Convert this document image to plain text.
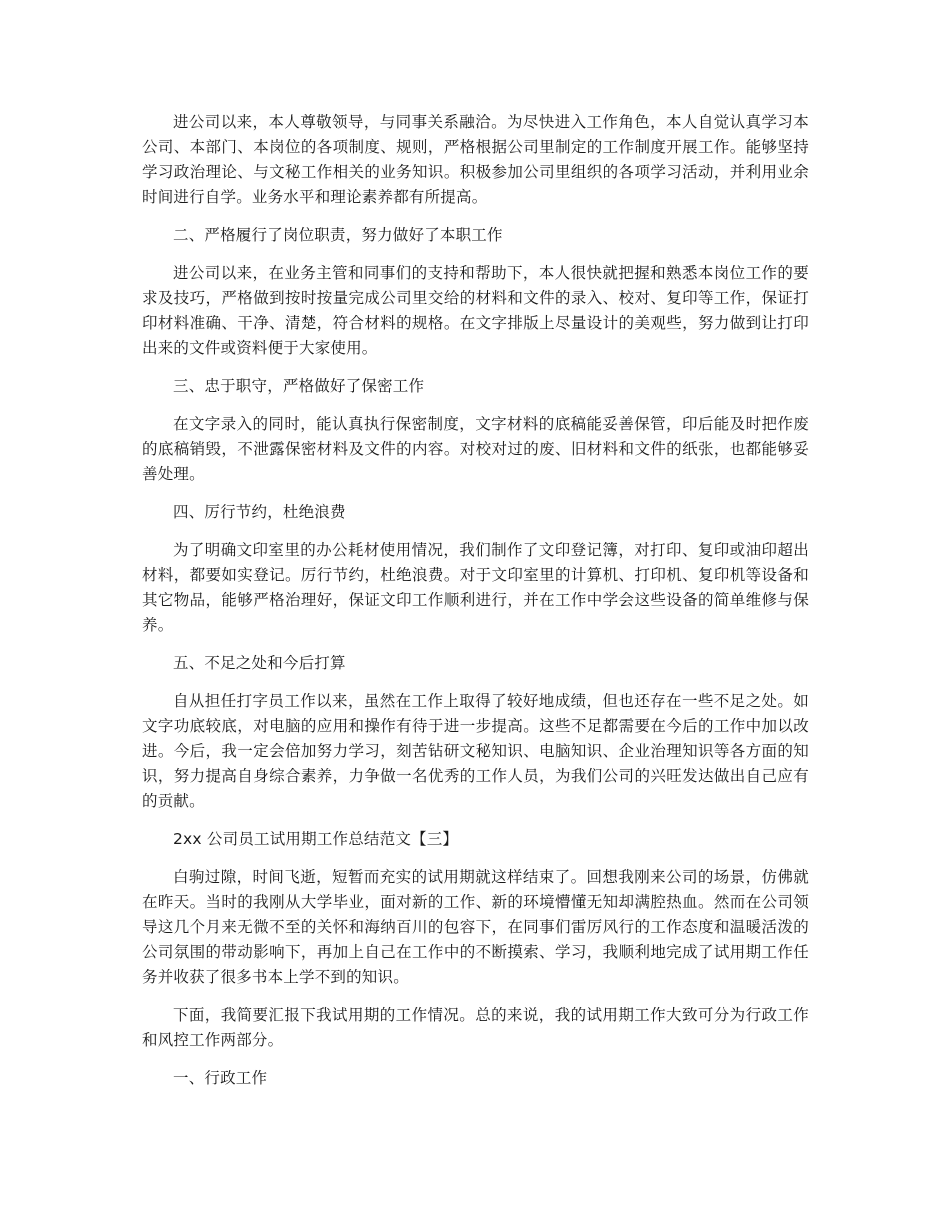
进公司以来，本人尊敬领导，与同事关系融洽。为尽快进入工作角色，本人自觉认真学习本公司、本部门、本岗位的各项制度、规则，严格根据公司里制定的工作制度开展工作。能够坚持学习政治理论、与文秘工作相关的业务知识。积极参加公司里组织的各项学习活动，并利用业余时间进行自学。业务水平和理论素养都有所提高。

二、严格履行了岗位职责，努力做好了本职工作

进公司以来，在业务主管和同事们的支持和帮助下，本人很快就把握和熟悉本岗位工作的要求及技巧，严格做到按时按量完成公司里交给的材料和文件的录入、校对、复印等工作，保证打印材料准确、干净、清楚，符合材料的规格。在文字排版上尽量设计的美观些，努力做到让打印出来的文件或资料便于大家使用。

三、忠于职守，严格做好了保密工作

在文字录入的同时，能认真执行保密制度，文字材料的底稿能妥善保管，印后能及时把作废的底稿销毁，不泄露保密材料及文件的内容。对校对过的废、旧材料和文件的纸张，也都能够妥善处理。

四、厉行节约，杜绝浪费

为了明确文印室里的办公耗材使用情况，我们制作了文印登记簿，对打印、复印或油印超出材料，都要如实登记。厉行节约，杜绝浪费。对于文印室里的计算机、打印机、复印机等设备和其它物品，能够严格治理好，保证文印工作顺利进行，并在工作中学会这些设备的简单维修与保养。

五、不足之处和今后打算

自从担任打字员工作以来，虽然在工作上取得了较好地成绩，但也还存在一些不足之处。如文字功底较底，对电脑的应用和操作有待于进一步提高。这些不足都需要在今后的工作中加以改进。今后，我一定会倍加努力学习，刻苦钻研文秘知识、电脑知识、企业治理知识等各方面的知识，努力提高自身综合素养，力争做一名优秀的工作人员，为我们公司的兴旺发达做出自己应有的贡献。

2xx 公司员工试用期工作总结范文【三】

白驹过隙，时间飞逝，短暂而充实的试用期就这样结束了。回想我刚来公司的场景，仿佛就在昨天。当时的我刚从大学毕业，面对新的工作、新的环境懵懂无知却满腔热血。然而在公司领导这几个月来无微不至的关怀和海纳百川的包容下，在同事们雷厉风行的工作态度和温暖活泼的公司氛围的带动影响下，再加上自己在工作中的不断摸索、学习，我顺利地完成了试用期工作任务并收获了很多书本上学不到的知识。

下面，我简要汇报下我试用期的工作情况。总的来说，我的试用期工作大致可分为行政工作和风控工作两部分。

一、行政工作
